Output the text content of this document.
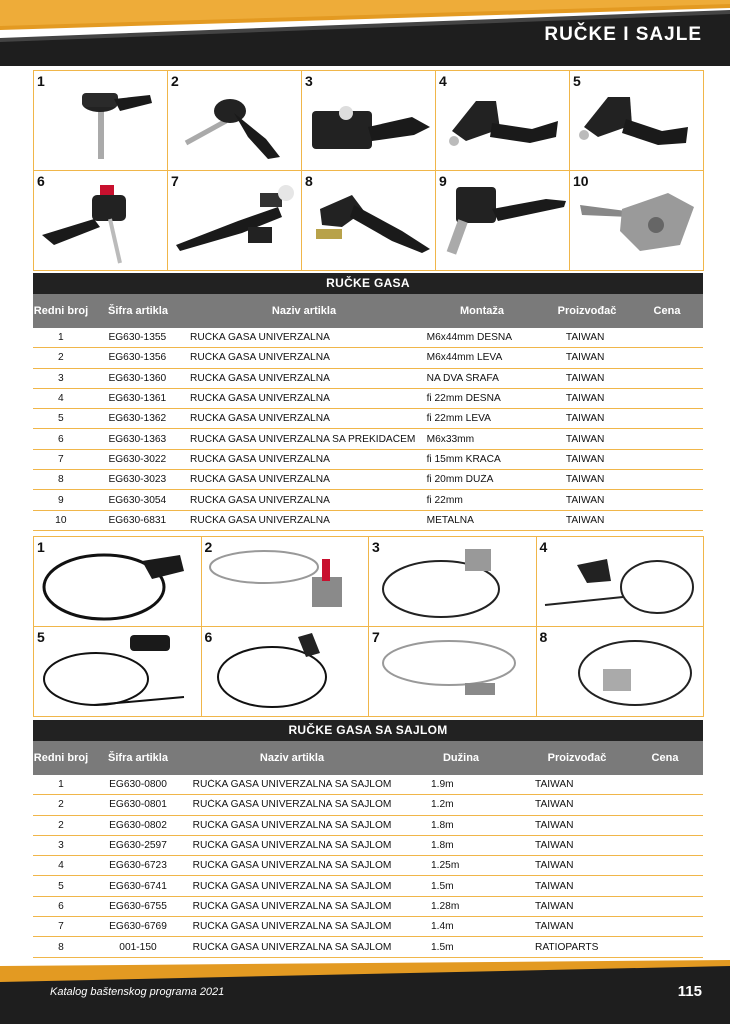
RUČKE I SAJLE
1	2	3	4	5
6	7	8	9	10
RUČKE GASA
Redni broj	Šifra artikla	Naziv artikla	Montaža	Proizvođač	Cena
1	EG630-1355	RUČKA GASA UNIVERZALNA	M6x44mm DESNA	TAIWAN
2	EG630-1356	RUČKA GASA UNIVERZALNA	M6x44mm LEVA	TAIWAN
3	EG630-1360	RUČKA GASA UNIVERZALNA	NA DVA ŠRAFA	TAIWAN
4	EG630-1361	RUČKA GASA UNIVERZALNA	fi 22mm DESNA	TAIWAN
5	EG630-1362	RUČKA GASA UNIVERZALNA	fi 22mm LEVA	TAIWAN
6	EG630-1363	RUČKA GASA UNIVERZALNA SA PREKIDAČEM	M6x33mm	TAIWAN
7	EG630-3022	RUČKA GASA UNIVERZALNA	fi 15mm KRAĆA	TAIWAN
8	EG630-3023	RUČKA GASA UNIVERZALNA	fi 20mm DUŽA	TAIWAN
9	EG630-3054	RUČKA GASA UNIVERZALNA	fi 22mm	TAIWAN
10	EG630-6831	RUČKA GASA UNIVERZALNA	METALNA	TAIWAN
1	2	3	4
5	6	7	8
RUČKE GASA SA SAJLOM
Redni broj	Šifra artikla	Naziv artikla	Dužina	Proizvođač	Cena
1	EG630-0800	RUČKA GASA UNIVERZALNA SA SAJLOM	1.9m	TAIWAN
2	EG630-0801	RUČKA GASA UNIVERZALNA SA SAJLOM	1.2m	TAIWAN
2	EG630-0802	RUČKA GASA UNIVERZALNA SA SAJLOM	1.8m	TAIWAN
3	EG630-2597	RUČKA GASA UNIVERZALNA SA SAJLOM	1.8m	TAIWAN
4	EG630-6723	RUČKA GASA UNIVERZALNA SA SAJLOM	1.25m	TAIWAN
5	EG630-6741	RUČKA GASA UNIVERZALNA SA SAJLOM	1.5m	TAIWAN
6	EG630-6755	RUČKA GASA UNIVERZALNA SA SAJLOM	1.28m	TAIWAN
7	EG630-6769	RUČKA GASA UNIVERZALNA SA SAJLOM	1.4m	TAIWAN
8	001-150	RUČKA GASA UNIVERZALNA SA SAJLOM	1.5m	RATIOPARTS
Katalog baštenskog programa 2021	115
